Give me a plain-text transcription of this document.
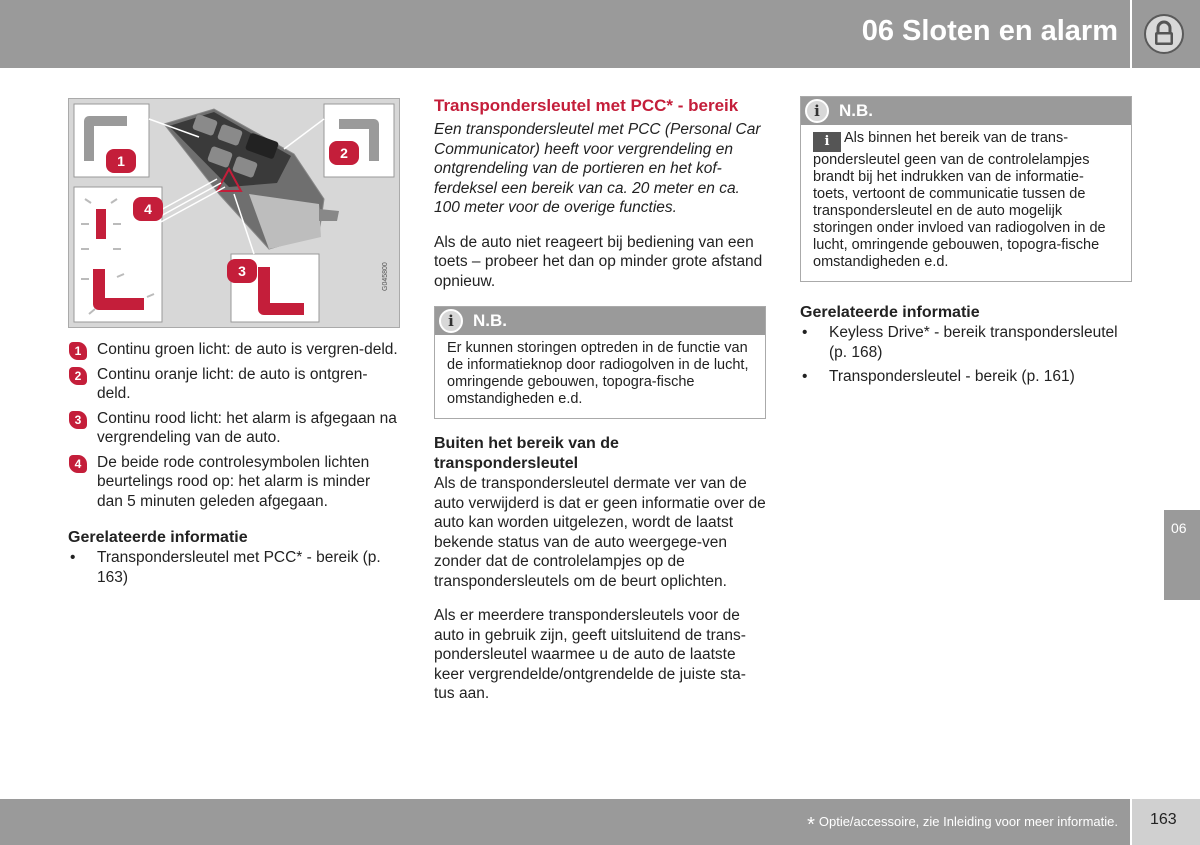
06 Sloten en alarm
1	2
3
4
G045800
1	Continu groen licht: de auto is vergren-deld.
2	Continu oranje licht: de auto is ontgren-deld.
3	Continu rood licht: het alarm is afgegaan na vergrendeling van de auto.
4	De beide rode controlesymbolen lichten beurtelings rood op: het alarm is minder dan 5 minuten geleden afgegaan.
Gerelateerde informatie
• Transpondersleutel met PCC* - bereik (p. 163)
Transpondersleutel met PCC* - bereik
Een transpondersleutel met PCC (Personal Car Communicator) heeft voor vergrendeling en ontgrendeling van de portieren en het kof-ferdeksel een bereik van ca. 20 meter en ca. 100 meter voor de overige functies.
Als de auto niet reageert bij bediening van een toets – probeer het dan op minder grote afstand opnieuw.
i	N.B.
Er kunnen storingen optreden in de functie van de informatieknop door radiogolven in de lucht, omringende gebouwen, topogra-fische omstandigheden e.d.
Buiten het bereik van de transpondersleutel
Als de transpondersleutel dermate ver van de auto verwijderd is dat er geen informatie over de auto kan worden uitgelezen, wordt de laatst bekende status van de auto weergege-ven zonder dat de controlelampjes op de transpondersleutels om de beurt oplichten.
Als er meerdere transpondersleutels voor de auto in gebruik zijn, geeft uitsluitend de trans-pondersleutel waarmee u de auto de laatste keer vergrendelde/ontgrendelde de juiste sta-tus aan.
i	N.B.
i Als binnen het bereik van de trans-pondersleutel geen van de controlelampjes brandt bij het indrukken van de informatie-toets, vertoont de communicatie tussen de transpondersleutel en de auto mogelijk storingen onder invloed van radiogolven in de lucht, omringende gebouwen, topogra-fische omstandigheden e.d.
Gerelateerde informatie
• Keyless Drive* - bereik transpondersleutel (p. 168)
• Transpondersleutel - bereik (p. 161)
06
* Optie/accessoire, zie Inleiding voor meer informatie. 163
